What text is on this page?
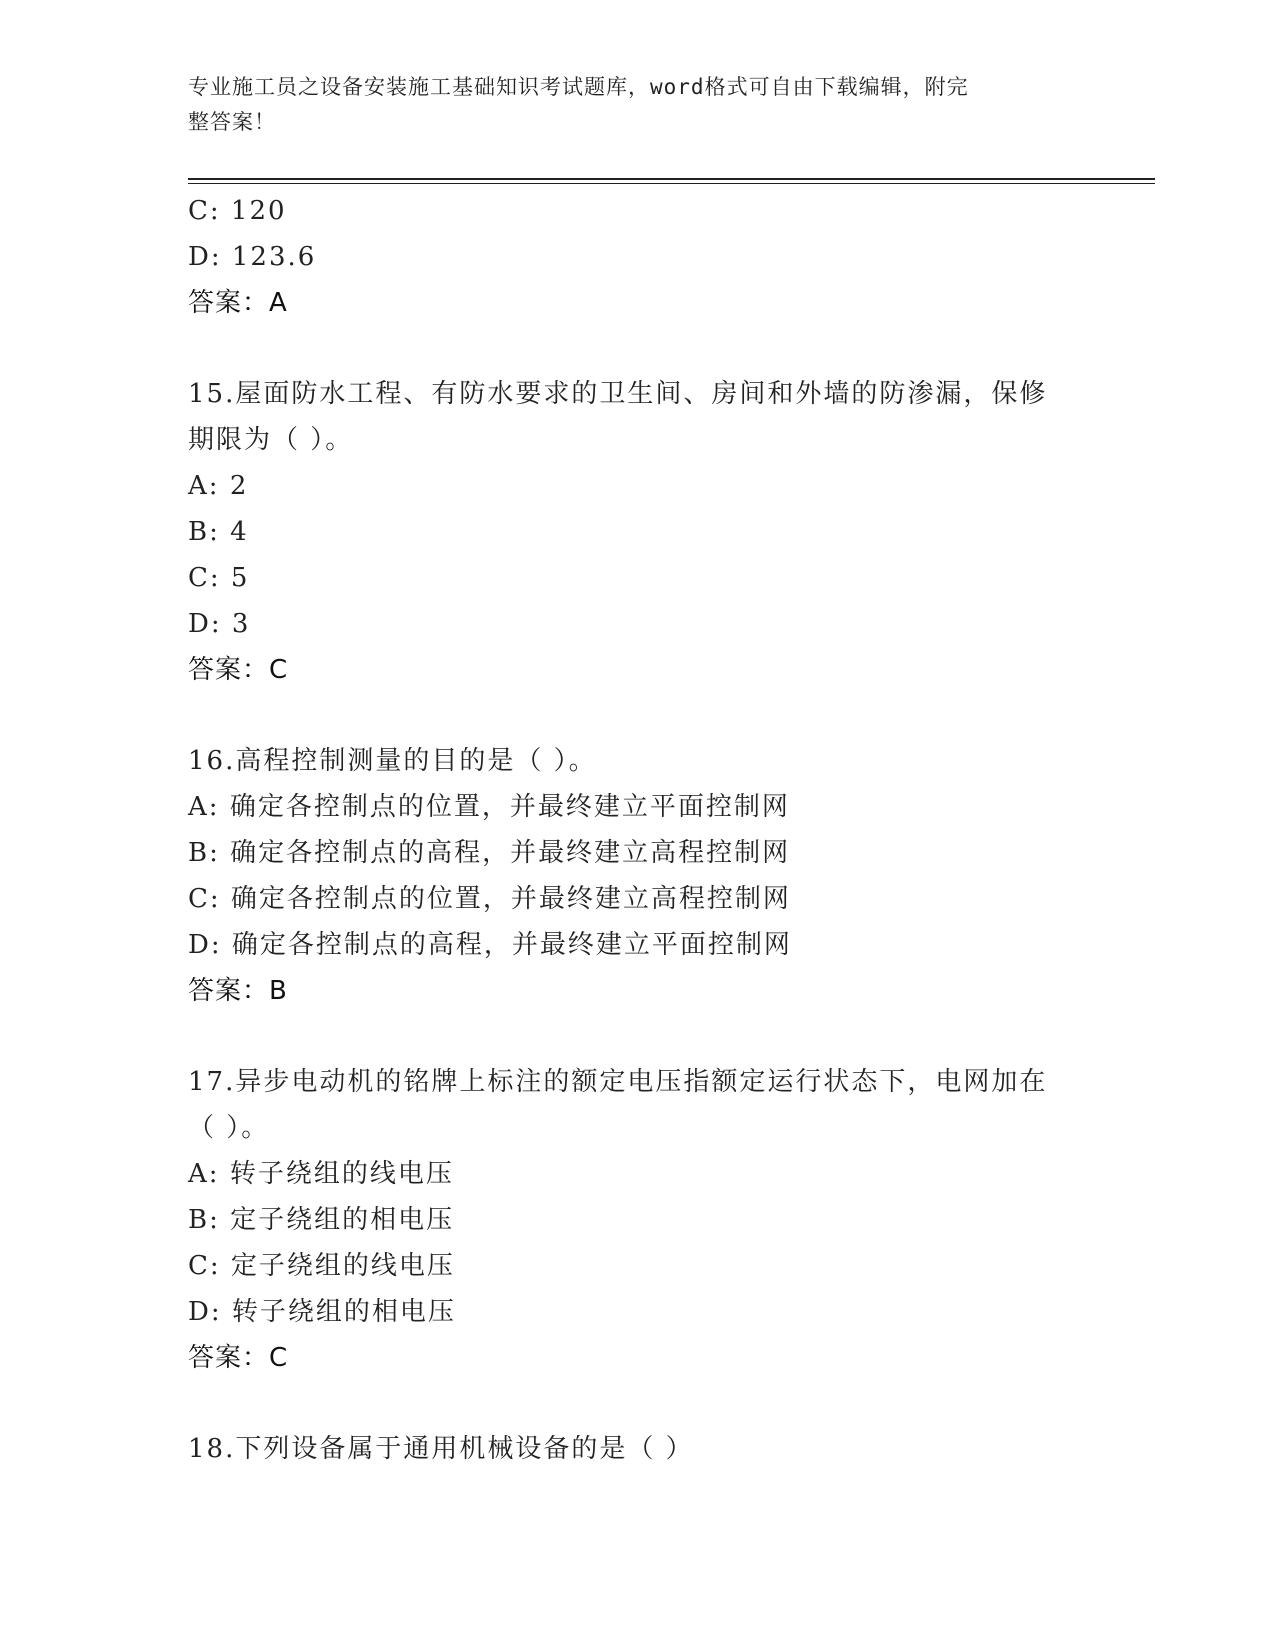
专业施工员之设备安装施工基础知识考试题库，word格式可自由下载编辑，附完
整答案！
C: 120
D: 123.6
答案：A
15.屋面防水工程、有防水要求的卫生间、房间和外墙的防渗漏，保修
期限为（ ）。
A: 2
B: 4
C: 5
D: 3
答案：C
16.高程控制测量的目的是（ ）。
A: 确定各控制点的位置，并最终建立平面控制网
B: 确定各控制点的高程，并最终建立高程控制网
C: 确定各控制点的位置，并最终建立高程控制网
D: 确定各控制点的高程，并最终建立平面控制网
答案：B
17.异步电动机的铭牌上标注的额定电压指额定运行状态下，电网加在
（ ）。
A: 转子绕组的线电压
B: 定子绕组的相电压
C: 定子绕组的线电压
D: 转子绕组的相电压
答案：C
18.下列设备属于通用机械设备的是（ ）
